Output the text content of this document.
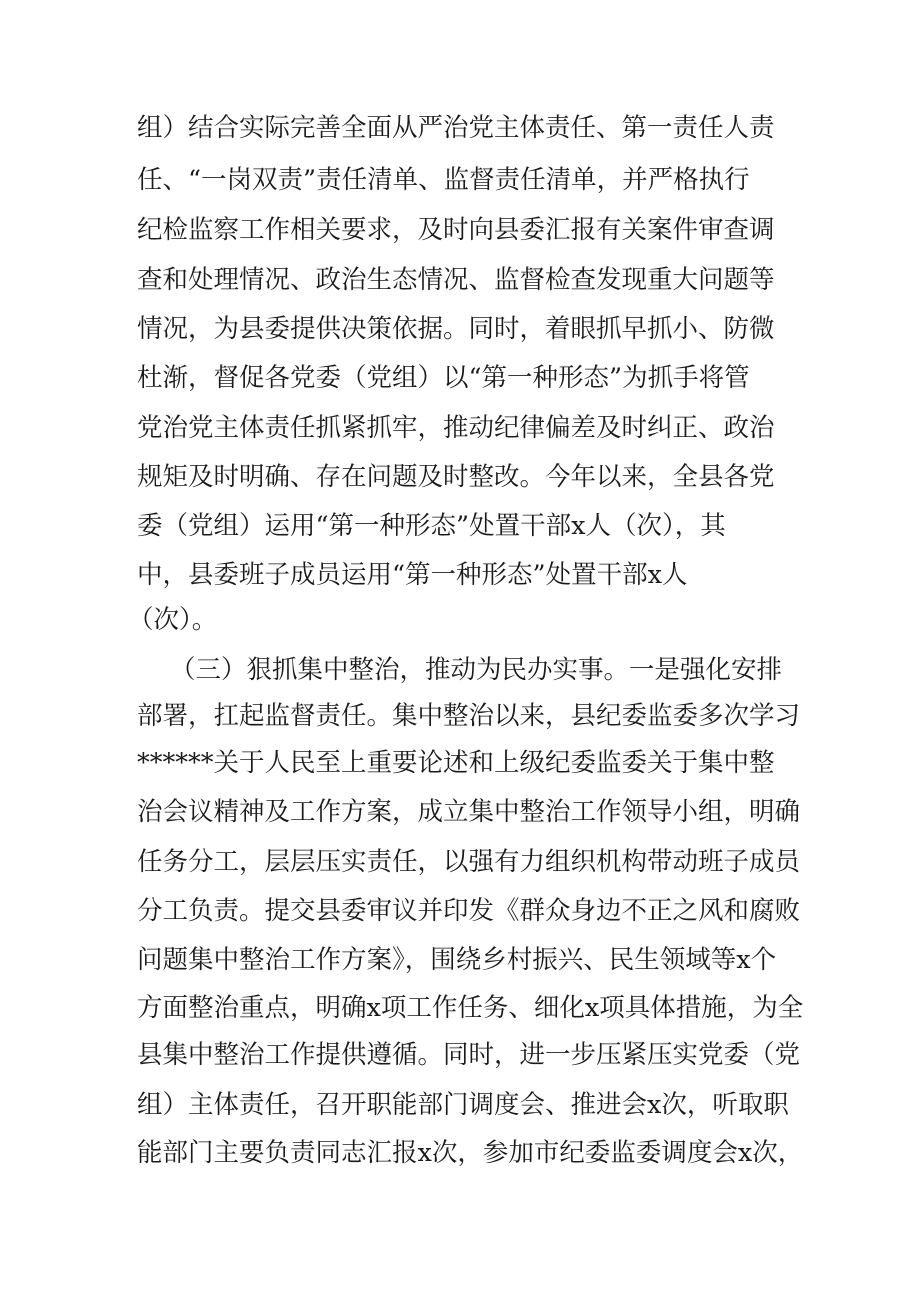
组）结合实际完善全面从严治党主体责任、第一责任人责
任、“一岗双责”责任清单、监督责任清单，并严格执行
纪检监察工作相关要求，及时向县委汇报有关案件审查调
查和处理情况、政治生态情况、监督检查发现重大问题等
情况，为县委提供决策依据。同时，着眼抓早抓小、防微
杜渐，督促各党委（党组）以“第一种形态”为抓手将管
党治党主体责任抓紧抓牢，推动纪律偏差及时纠正、政治
规矩及时明确、存在问题及时整改。今年以来，全县各党
委（党组）运用“第一种形态”处置干部x人（次），其
中，县委班子成员运用“第一种形态”处置干部x人
（次）。
（三）狠抓集中整治，推动为民办实事。一是强化安排
部署，扛起监督责任。集中整治以来，县纪委监委多次学习
******关于人民至上重要论述和上级纪委监委关于集中整
治会议精神及工作方案，成立集中整治工作领导小组，明确
任务分工，层层压实责任，以强有力组织机构带动班子成员
分工负责。提交县委审议并印发《群众身边不正之风和腐败
问题集中整治工作方案》，围绕乡村振兴、民生领域等x个
方面整治重点，明确x项工作任务、细化x项具体措施，为全
县集中整治工作提供遵循。同时，进一步压紧压实党委（党
组）主体责任，召开职能部门调度会、推进会x次，听取职
能部门主要负责同志汇报x次，参加市纪委监委调度会x次，
